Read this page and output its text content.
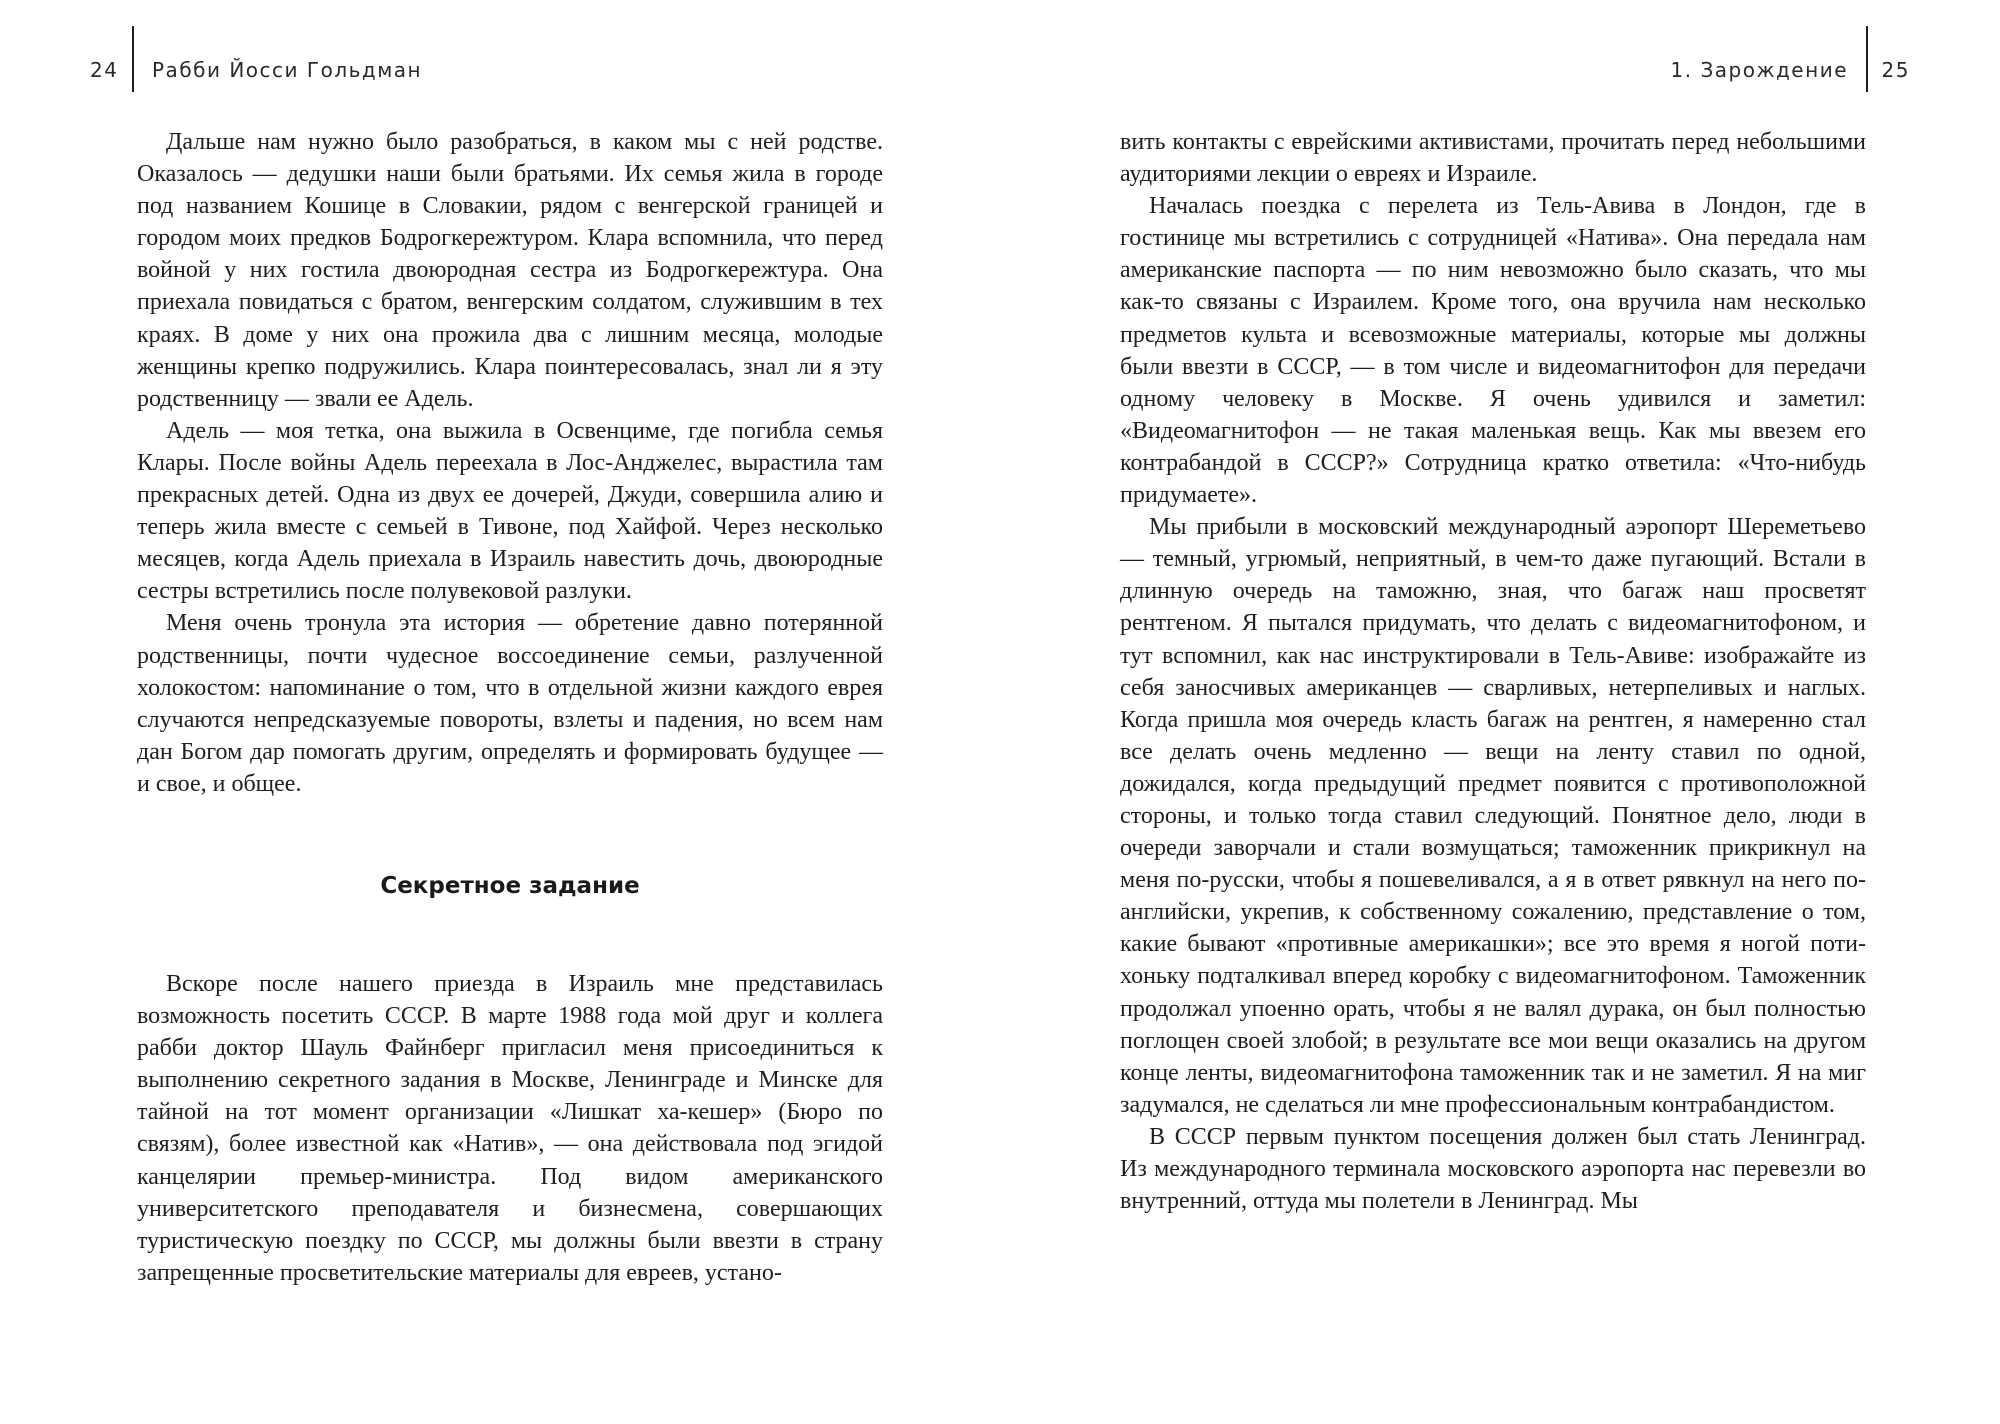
24 Рабби Йосси Гольдман	1. Зарождение 25

Дальше нам нужно было разобраться, в каком мы с ней родстве. Оказалось — дедушки наши были братьями. Их семья жила в городе под названием Кошице в Словакии, рядом с венгерской границей и городом моих предков Бодрогкережтуром. Клара вспомнила, что перед войной у них гостила двоюродная сестра из Бодрогкережтура. Она приехала повидаться с братом, венгерским солдатом, служившим в тех краях. В доме у них она прожила два с лишним месяца, молодые женщины крепко подружились. Клара поинтересовалась, знал ли я эту родственницу — звали ее Адель.

Адель — моя тетка, она выжила в Освенциме, где погибла семья Клары. После войны Адель переехала в Лос-Анджелес, вырастила там прекрасных детей. Одна из двух ее дочерей, Джуди, совершила алию и теперь жила вместе с семьей в Тивоне, под Хайфой. Через несколько месяцев, когда Адель приехала в Израиль навестить дочь, двоюродные сестры встретились после полувековой разлуки.

Меня очень тронула эта история — обретение давно потерянной родственницы, почти чудесное воссоединение семьи, разлученной холокостом: напоминание о том, что в отдельной жизни каждого еврея случаются непредсказуемые повороты, взлеты и падения, но всем нам дан Богом дар помогать другим, определять и формировать будущее — и свое, и общее.

Секретное задание

Вскоре после нашего приезда в Израиль мне представилась возможность посетить СССР. В марте 1988 года мой друг и коллега рабби доктор Шауль Файнберг пригласил меня присоединиться к выполнению секретного задания в Москве, Ленинграде и Минске для тайной на тот момент организации «Лишкат ха-кешер» (Бюро по связям), более известной как «Натив», — она действовала под эгидой канцелярии премьер-министра. Под видом американского университетского преподавателя и бизнесмена, совершающих туристическую поездку по СССР, мы должны были ввезти в страну запрещенные просветительские материалы для евреев, устано-

вить контакты с еврейскими активистами, прочитать перед небольшими аудиториями лекции о евреях и Израиле.

Началась поездка с перелета из Тель-Авива в Лондон, где в гостинице мы встретились с сотрудницей «Натива». Она передала нам американские паспорта — по ним невозможно было сказать, что мы как-то связаны с Израилем. Кроме того, она вручила нам несколько предметов культа и всевозможные материалы, которые мы должны были ввезти в СССР, — в том числе и видеомагнитофон для передачи одному человеку в Москве. Я очень удивился и заметил: «Видеомагнитофон — не такая маленькая вещь. Как мы ввезем его контрабандой в СССР?» Сотрудница кратко ответила: «Что-нибудь придумаете».

Мы прибыли в московский международный аэропорт Шереметьево — темный, угрюмый, неприятный, в чем-то даже пугающий. Встали в длинную очередь на таможню, зная, что багаж наш просветят рентгеном. Я пытался придумать, что делать с видеомагнитофоном, и тут вспомнил, как нас инструктировали в Тель-Авиве: изображайте из себя заносчивых американцев — сварливых, нетерпеливых и наглых. Когда пришла моя очередь класть багаж на рентген, я намеренно стал все делать очень медленно — вещи на ленту ставил по одной, дожидался, когда предыдущий предмет появится с противоположной стороны, и только тогда ставил следующий. Понятное дело, люди в очереди заворчали и стали возмущаться; таможенник прикрикнул на меня по-русски, чтобы я пошевеливался, а я в ответ рявкнул на него по-английски, укрепив, к собственному сожалению, представление о том, какие бывают «противные америкашки»; все это время я ногой потихоньку подталкивал вперед коробку с видеомагнитофоном. Таможенник продолжал упоенно орать, чтобы я не валял дурака, он был полностью поглощен своей злобой; в результате все мои вещи оказались на другом конце ленты, видеомагнитофона таможенник так и не заметил. Я на миг задумался, не сделаться ли мне профессиональным контрабандистом.

В СССР первым пунктом посещения должен был стать Ленинград. Из международного терминала московского аэропорта нас перевезли во внутренний, оттуда мы полетели в Ленинград. Мы
